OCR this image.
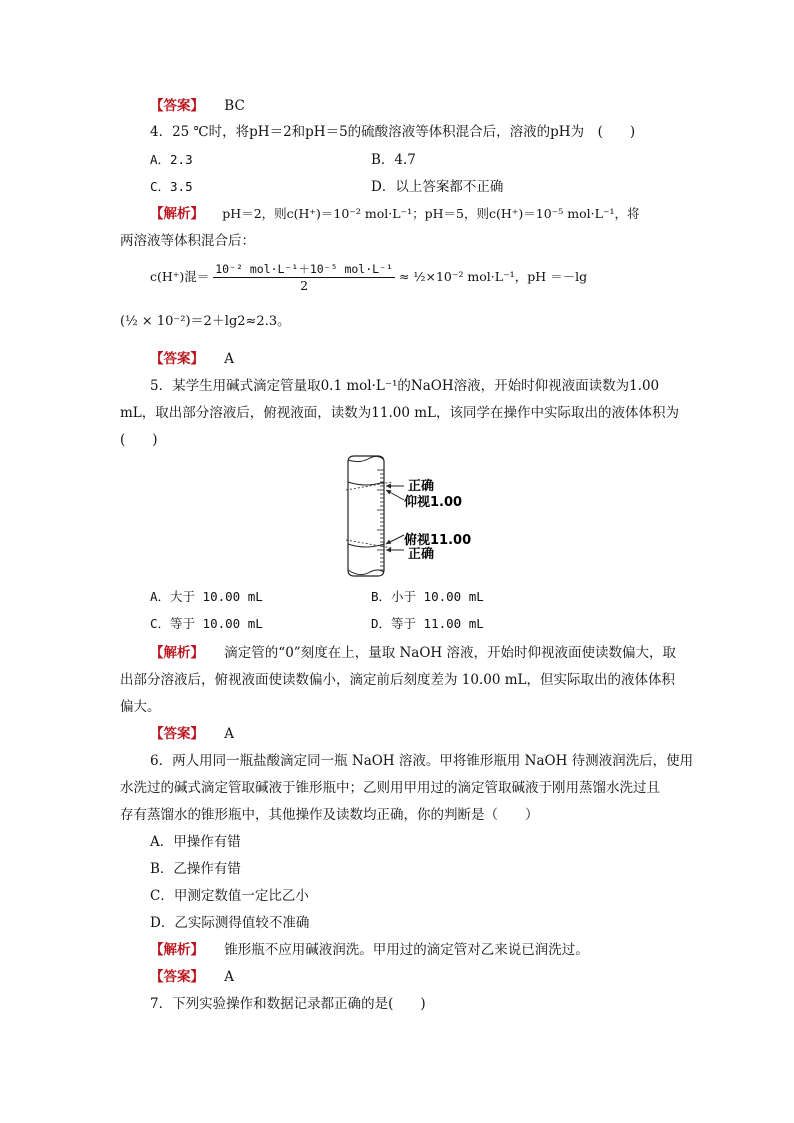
【答案】 BC
4．25 ℃时，将pH＝2和pH＝5的硫酸溶液等体积混合后，溶液的pH为　(　　)
A．2.3	B．4.7
C．3.5	D．以上答案都不正确
【解析】 pH＝2，则c(H⁺)＝10⁻² mol·L⁻¹；pH＝5，则c(H⁺)＝10⁻⁵ mol·L⁻¹，将
两溶液等体积混合后：
c(H⁺)混＝ $\frac{\text{10⁻² mol·L⁻¹＋10⁻⁵ mol·L⁻¹}}{2}$ ≈ ½×10⁻² mol·L⁻¹，pH ＝－lg
(½ × 10⁻²)＝2＋lg2≈2.3。
【答案】 A
5．某学生用碱式滴定管量取0.1 mol·L⁻¹的NaOH溶液，开始时仰视液面读数为1.00
mL，取出部分溶液后，俯视液面，读数为11.00 mL，该同学在操作中实际取出的液体体积为
(　　)
正确
仰视1.00
俯视11.00
正确
A．大于 10.00 mL	B．小于 10.00 mL
C．等于 10.00 mL	D．等于 11.00 mL
【解析】 滴定管的“0”刻度在上，量取 NaOH 溶液，开始时仰视液面使读数偏大，取
出部分溶液后，俯视液面使读数偏小，滴定前后刻度差为 10.00 mL，但实际取出的液体体积
偏大。
【答案】 A
6．两人用同一瓶盐酸滴定同一瓶 NaOH 溶液。甲将锥形瓶用 NaOH 待测液润洗后，使用
水洗过的碱式滴定管取碱液于锥形瓶中；乙则用甲用过的滴定管取碱液于刚用蒸馏水洗过且
存有蒸馏水的锥形瓶中，其他操作及读数均正确，你的判断是（　　）
A．甲操作有错
B．乙操作有错
C．甲测定数值一定比乙小
D．乙实际测得值较不准确
【解析】 锥形瓶不应用碱液润洗。甲用过的滴定管对乙来说已润洗过。
【答案】 A
7．下列实验操作和数据记录都正确的是(　　)
